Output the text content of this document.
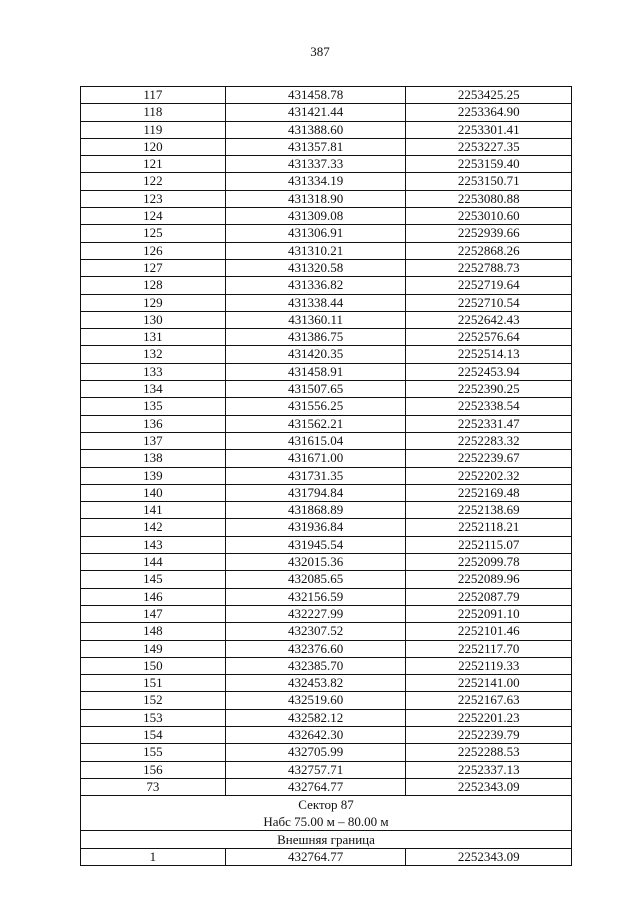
387
117	431458.78	2253425.25
118	431421.44	2253364.90
119	431388.60	2253301.41
120	431357.81	2253227.35
121	431337.33	2253159.40
122	431334.19	2253150.71
123	431318.90	2253080.88
124	431309.08	2253010.60
125	431306.91	2252939.66
126	431310.21	2252868.26
127	431320.58	2252788.73
128	431336.82	2252719.64
129	431338.44	2252710.54
130	431360.11	2252642.43
131	431386.75	2252576.64
132	431420.35	2252514.13
133	431458.91	2252453.94
134	431507.65	2252390.25
135	431556.25	2252338.54
136	431562.21	2252331.47
137	431615.04	2252283.32
138	431671.00	2252239.67
139	431731.35	2252202.32
140	431794.84	2252169.48
141	431868.89	2252138.69
142	431936.84	2252118.21
143	431945.54	2252115.07
144	432015.36	2252099.78
145	432085.65	2252089.96
146	432156.59	2252087.79
147	432227.99	2252091.10
148	432307.52	2252101.46
149	432376.60	2252117.70
150	432385.70	2252119.33
151	432453.82	2252141.00
152	432519.60	2252167.63
153	432582.12	2252201.23
154	432642.30	2252239.79
155	432705.99	2252288.53
156	432757.71	2252337.13
73	432764.77	2252343.09

Сектор 87
Набс 75.00 м – 80.00 м		

Внешняя граница		
1	432764.77	2252343.09
